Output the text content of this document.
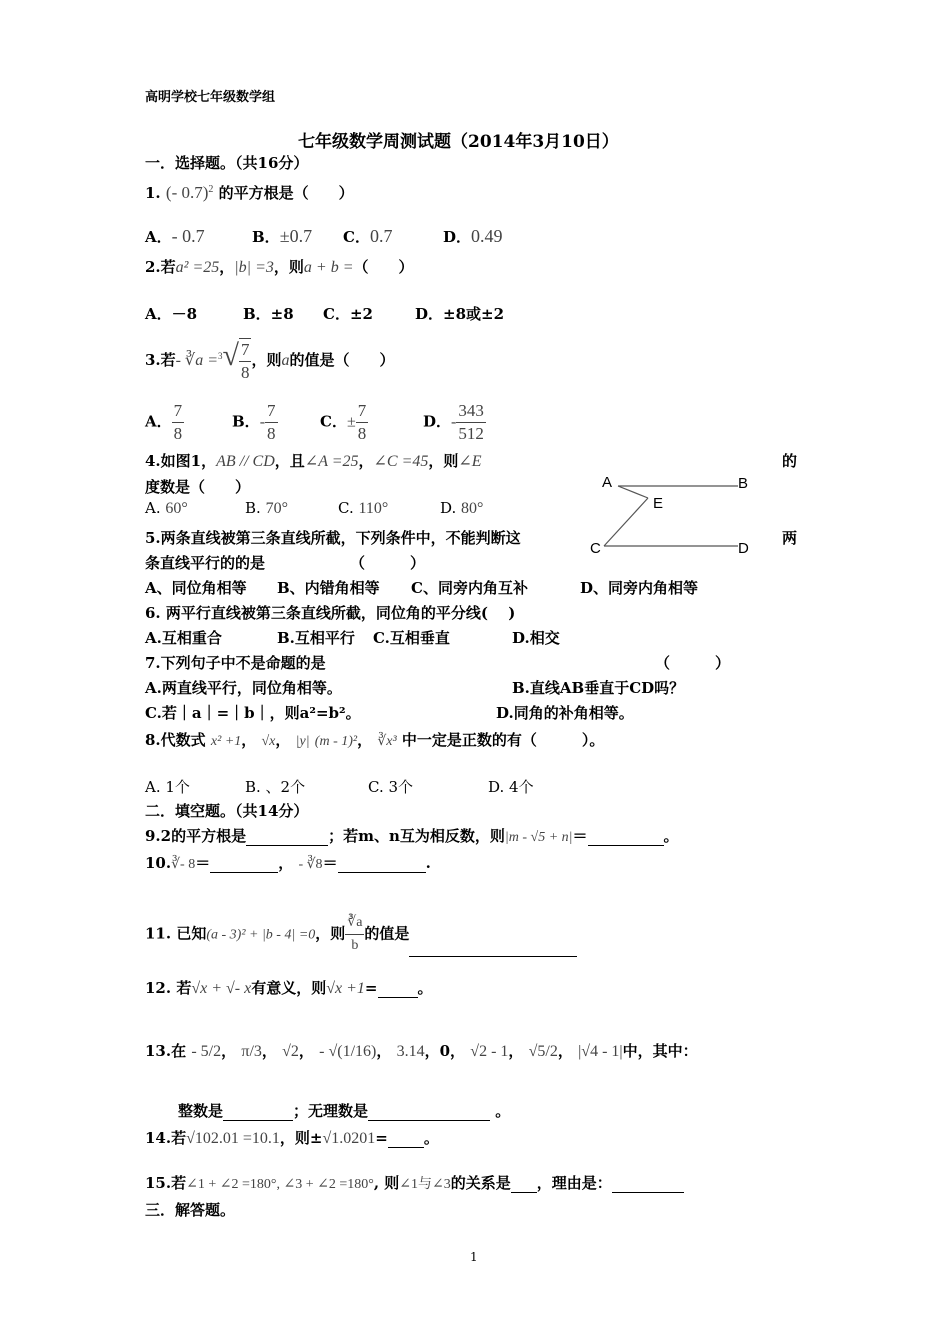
高明学校七年级数学组
七年级数学周测试题（2014年3月10日）
一．选择题。（共16分）
1. (- 0.7)$^2$ 的平方根是（　　）
A．- 0.7	B．±0.7 C．0.7	D．0.49
2.若a² =25，|b| =3，则a + b =（　　）
A．－8	B．±8 C．±2	D．±8或±2
3.若- ∛a $=^3√ \frac{7}{8}$ ，则a的值是（　　）
A． $\frac{7}{8}$	B．- $\frac{7}{8}$	C．± $\frac{7}{8}$	D．- $\frac{343}{512}$
4.如图1，AB // CD，且∠A =25，∠C =45，则∠E	的
度数是（　　）
A. 60°	B. 70°	C. 110°	D. 80°
A	B
E
C	D
5.两条直线被第三条直线所截，下列条件中，不能判断这	两
条直线平行的的是	（　　　）
A、同位角相等 B、内错角相等 C、同旁内角互补	D、同旁内角相等
6. 两平行直线被第三条直线所截，同位角的平分线(　 )
A.互相重合	B.互相平行 C.互相垂直	D.相交
7.下列句子中不是命题的是	（　　　）
A.两直线平行，同位角相等。	B.直线AB垂直于CD吗？
C.若｜a｜=｜b｜，则a²=b²。	D.同角的补角相等。
8.代数式 x² +1， √x， |y| (m - 1)²， ∛x³ 中一定是正数的有（　　　）。
A. 1个	B. 、2个	C. 3个	D. 4个
二．填空题。（共14分）
9.2的平方根是	；若m、n互为相反数，则|m - √5 + n|＝	。
10.∛- 8＝	， - ∛8＝	.
11. 已知(a - 3)² + |b - 4| =0，则 $\frac{∛a}{b}$ 的值是
12. 若√x + √- x有意义，则√x +1=	。
13.在 - 5/2， π/3， √2， - √(1/16)， 3.14，0， √2 - 1， √5/2， |√4 - 1|中，其中：
整数是	；无理数是	。
14.若√102.01 =10.1，则±√1.0201= 。
15.若∠1 + ∠2 =180°, ∠3 + ∠2 =180°, 则∠1与∠3的关系是 ，理由是：
三．解答题。
1
